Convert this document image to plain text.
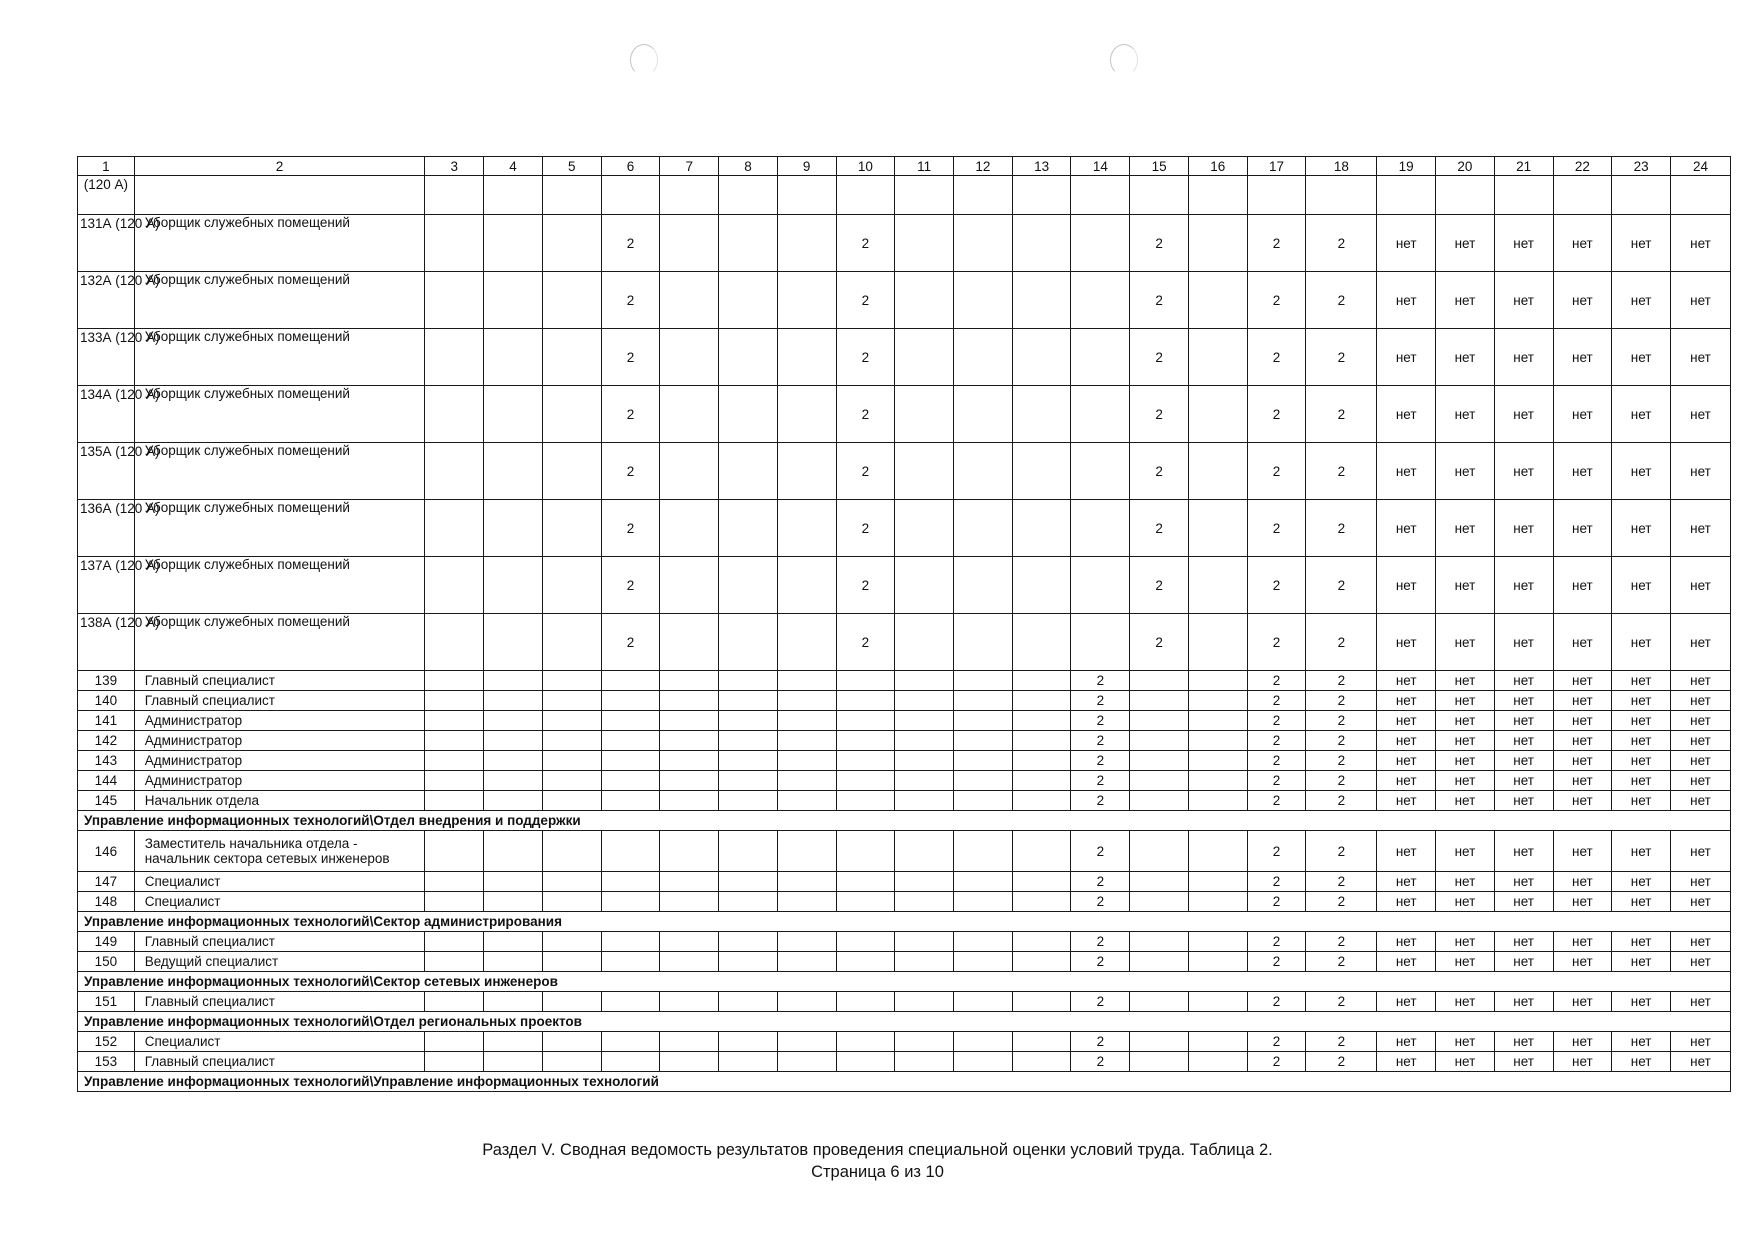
1	2	3	4	5	6	7	8	9	10	11	12	13	14	15	16	17	18	19	20	21	22	23	24
(120 А)																							
131А (120 А)	Уборщик служебных помещений				2				2					2		2	2	нет	нет	нет	нет	нет	нет
132А (120 А)	Уборщик служебных помещений				2				2					2		2	2	нет	нет	нет	нет	нет	нет
133А (120 А)	Уборщик служебных помещений				2				2					2		2	2	нет	нет	нет	нет	нет	нет
134А (120 А)	Уборщик служебных помещений				2				2					2		2	2	нет	нет	нет	нет	нет	нет
135А (120 А)	Уборщик служебных помещений				2				2					2		2	2	нет	нет	нет	нет	нет	нет
136А (120 А)	Уборщик служебных помещений				2				2					2		2	2	нет	нет	нет	нет	нет	нет
137А (120 А)	Уборщик служебных помещений				2				2					2		2	2	нет	нет	нет	нет	нет	нет
138А (120 А)	Уборщик служебных помещений				2				2					2		2	2	нет	нет	нет	нет	нет	нет
139	Главный специалист												2			2	2	нет	нет	нет	нет	нет	нет
140	Главный специалист												2			2	2	нет	нет	нет	нет	нет	нет
141	Администратор												2			2	2	нет	нет	нет	нет	нет	нет
142	Администратор												2			2	2	нет	нет	нет	нет	нет	нет
143	Администратор												2			2	2	нет	нет	нет	нет	нет	нет
144	Администратор												2			2	2	нет	нет	нет	нет	нет	нет
145	Начальник отдела												2			2	2	нет	нет	нет	нет	нет	нет
Управление информационных технологий\Отдел внедрения и поддержки																							
146	Заместитель начальника отдела - начальник сектора сетевых инженеров												2			2	2	нет	нет	нет	нет	нет	нет
147	Специалист												2			2	2	нет	нет	нет	нет	нет	нет
148	Специалист												2			2	2	нет	нет	нет	нет	нет	нет
Управление информационных технологий\Сектор администрирования																							
149	Главный специалист												2			2	2	нет	нет	нет	нет	нет	нет
150	Ведущий специалист												2			2	2	нет	нет	нет	нет	нет	нет
Управление информационных технологий\Сектор сетевых инженеров																							
151	Главный специалист												2			2	2	нет	нет	нет	нет	нет	нет
Управление информационных технологий\Отдел региональных проектов																							
152	Специалист												2			2	2	нет	нет	нет	нет	нет	нет
153	Главный специалист												2			2	2	нет	нет	нет	нет	нет	нет
Управление информационных технологий\Управление информационных технологий																							
Раздел V. Сводная ведомость результатов проведения специальной оценки условий труда. Таблица 2.
Страница 6 из 10
